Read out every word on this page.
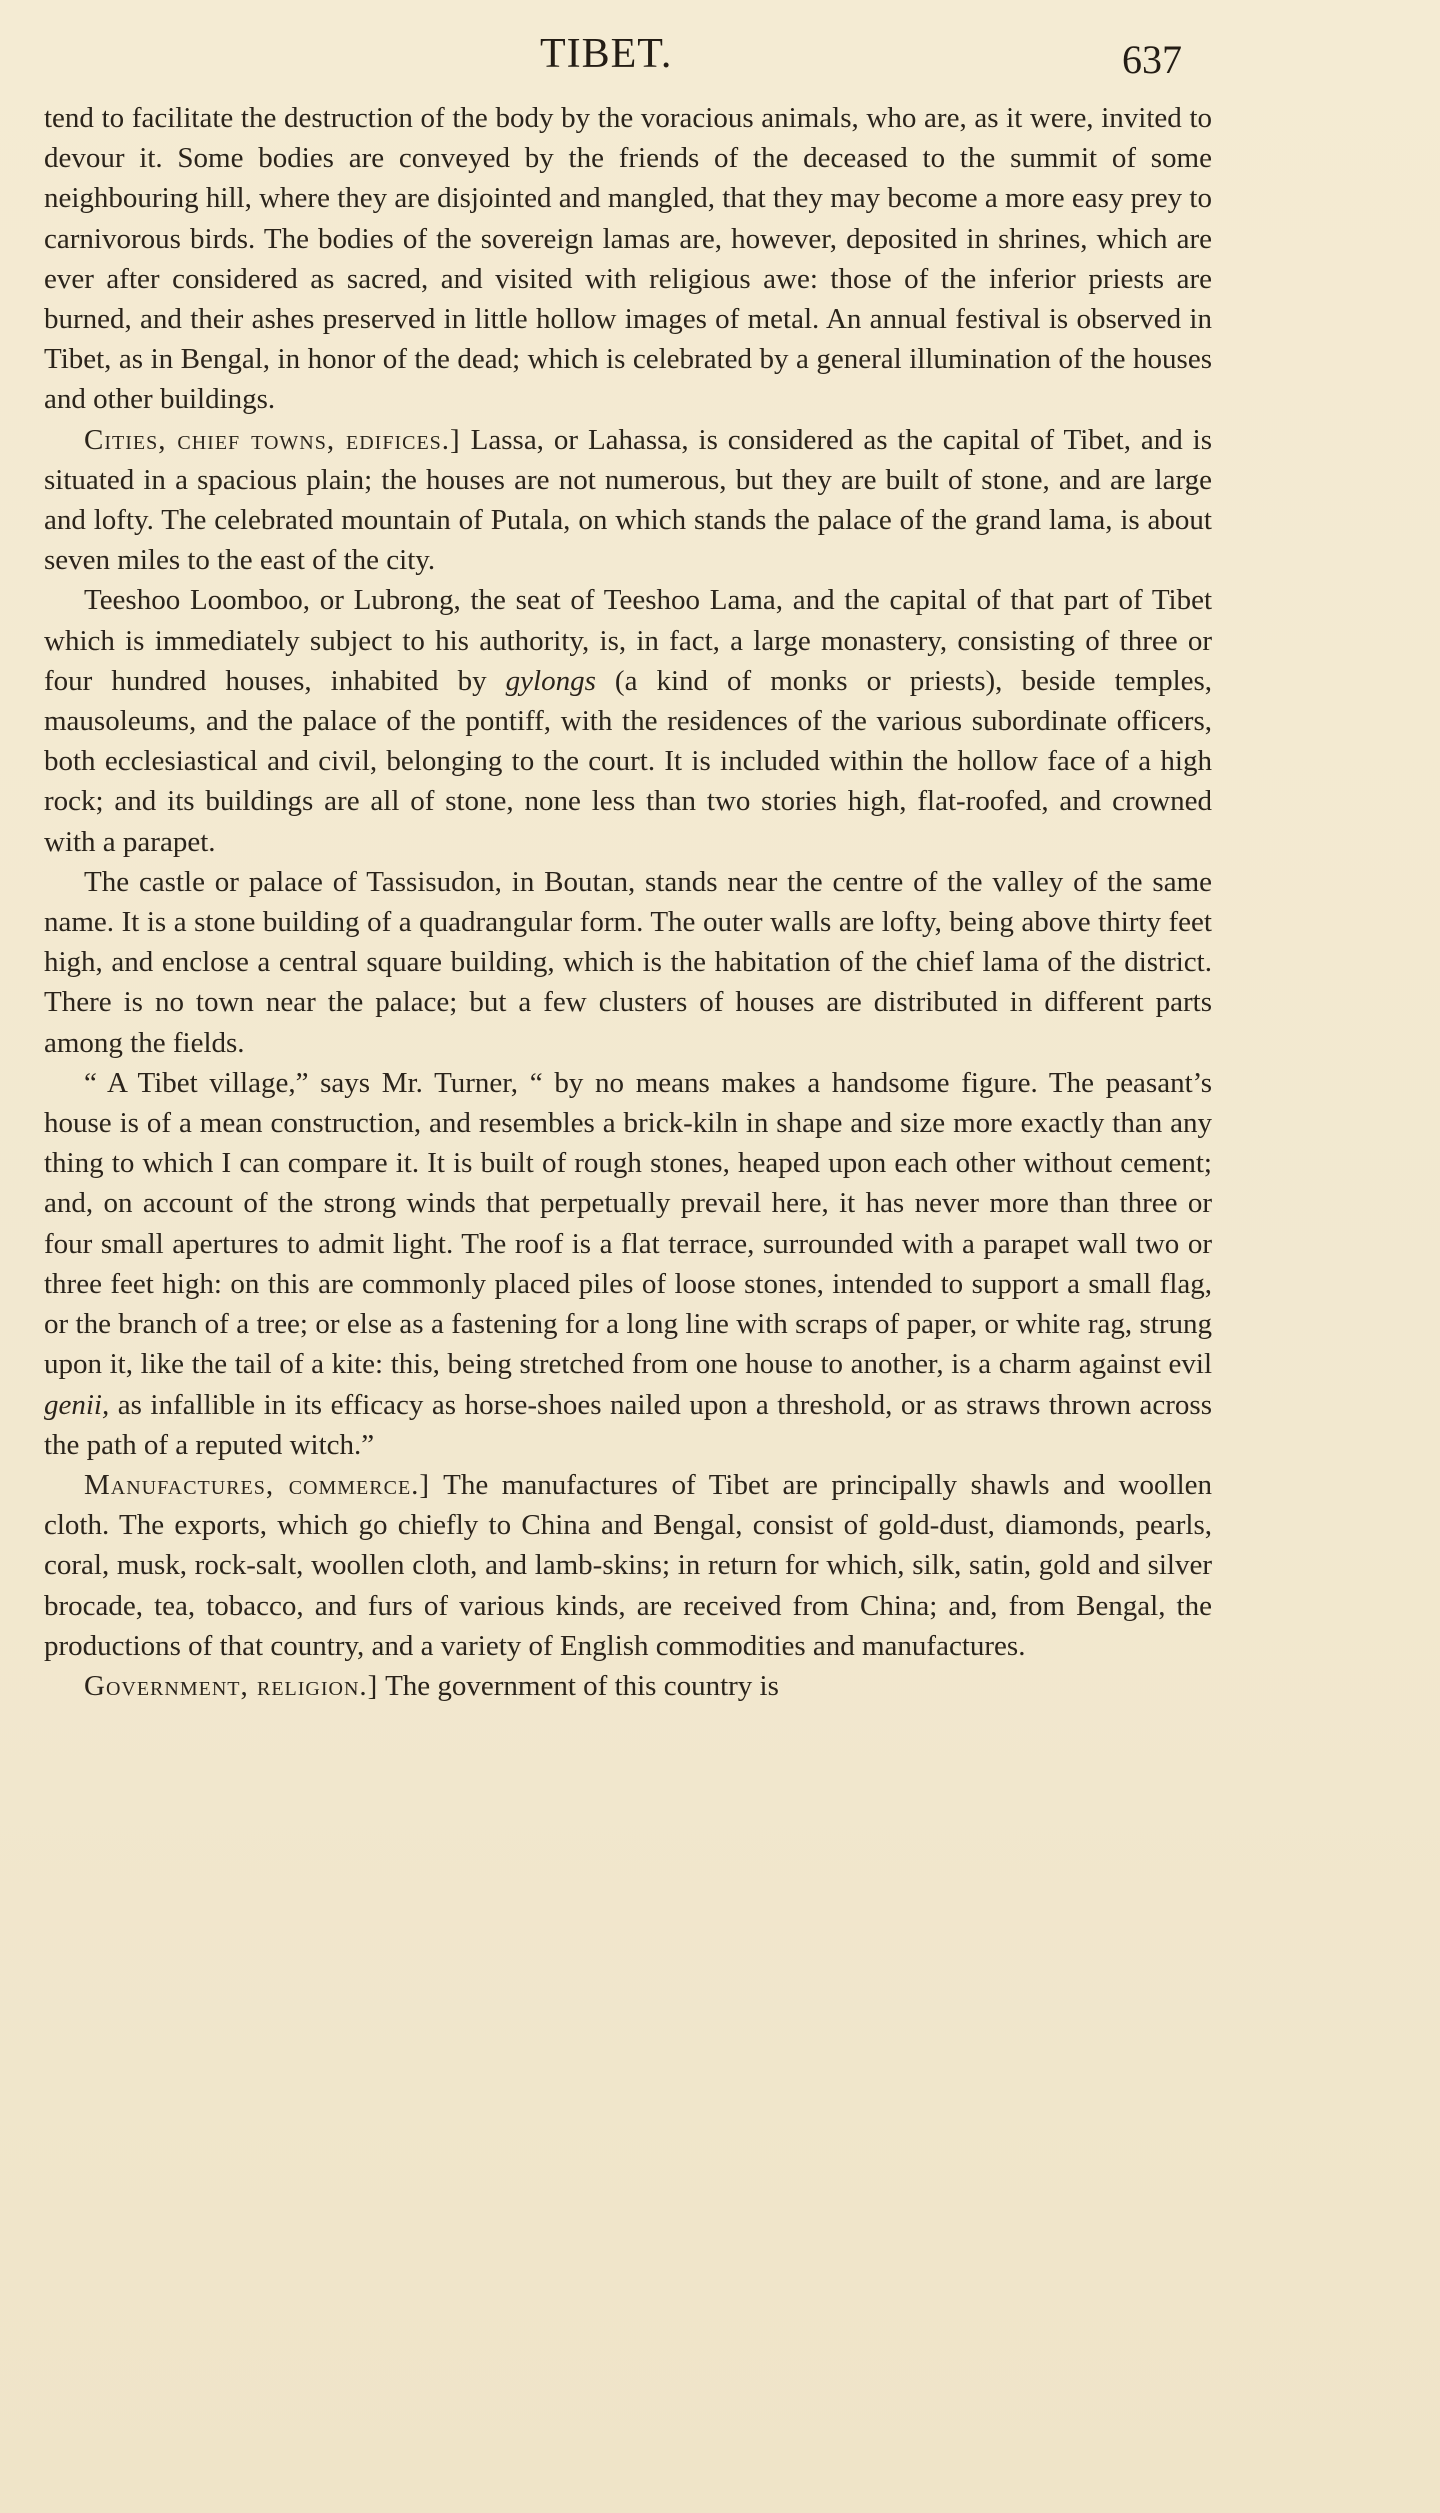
TIBET.	637

tend to facilitate the destruction of the body by the voracious animals, who are, as it were, invited to devour it. Some bodies are conveyed by the friends of the deceased to the summit of some neighbouring hill, where they are disjointed and mangled, that they may become a more easy prey to carnivorous birds. The bodies of the sovereign lamas are, however, deposited in shrines, which are ever after considered as sacred, and visited with religious awe: those of the inferior priests are burned, and their ashes preserved in little hollow images of metal. An annual festival is observed in Tibet, as in Bengal, in honor of the dead; which is celebrated by a general illumination of the houses and other buildings.

Cities, chief towns, edifices.] Lassa, or Lahassa, is considered as the capital of Tibet, and is situated in a spacious plain; the houses are not numerous, but they are built of stone, and are large and lofty. The celebrated mountain of Putala, on which stands the palace of the grand lama, is about seven miles to the east of the city.

Teeshoo Loomboo, or Lubrong, the seat of Teeshoo Lama, and the capital of that part of Tibet which is immediately subject to his authority, is, in fact, a large monastery, consisting of three or four hundred houses, inhabited by gylongs (a kind of monks or priests), beside temples, mausoleums, and the palace of the pontiff, with the residences of the various subordinate officers, both ecclesiastical and civil, belonging to the court. It is included within the hollow face of a high rock; and its buildings are all of stone, none less than two stories high, flat-roofed, and crowned with a parapet.

The castle or palace of Tassisudon, in Boutan, stands near the centre of the valley of the same name. It is a stone building of a quadrangular form. The outer walls are lofty, being above thirty feet high, and enclose a central square building, which is the habitation of the chief lama of the district. There is no town near the palace; but a few clusters of houses are distributed in different parts among the fields.

“ A Tibet village,” says Mr. Turner, “ by no means makes a handsome figure. The peasant’s house is of a mean construction, and resembles a brick-kiln in shape and size more exactly than any thing to which I can compare it. It is built of rough stones, heaped upon each other without cement; and, on account of the strong winds that perpetually prevail here, it has never more than three or four small apertures to admit light. The roof is a flat terrace, surrounded with a parapet wall two or three feet high: on this are commonly placed piles of loose stones, intended to support a small flag, or the branch of a tree; or else as a fastening for a long line with scraps of paper, or white rag, strung upon it, like the tail of a kite: this, being stretched from one house to another, is a charm against evil genii, as infallible in its efficacy as horse-shoes nailed upon a threshold, or as straws thrown across the path of a reputed witch.”

Manufactures, commerce.] The manufactures of Tibet are principally shawls and woollen cloth. The exports, which go chiefly to China and Bengal, consist of gold-dust, diamonds, pearls, coral, musk, rock-salt, woollen cloth, and lamb-skins; in return for which, silk, satin, gold and silver brocade, tea, tobacco, and furs of various kinds, are received from China; and, from Bengal, the productions of that country, and a variety of English commodities and manufactures.

Government, religion.] The government of this country is
